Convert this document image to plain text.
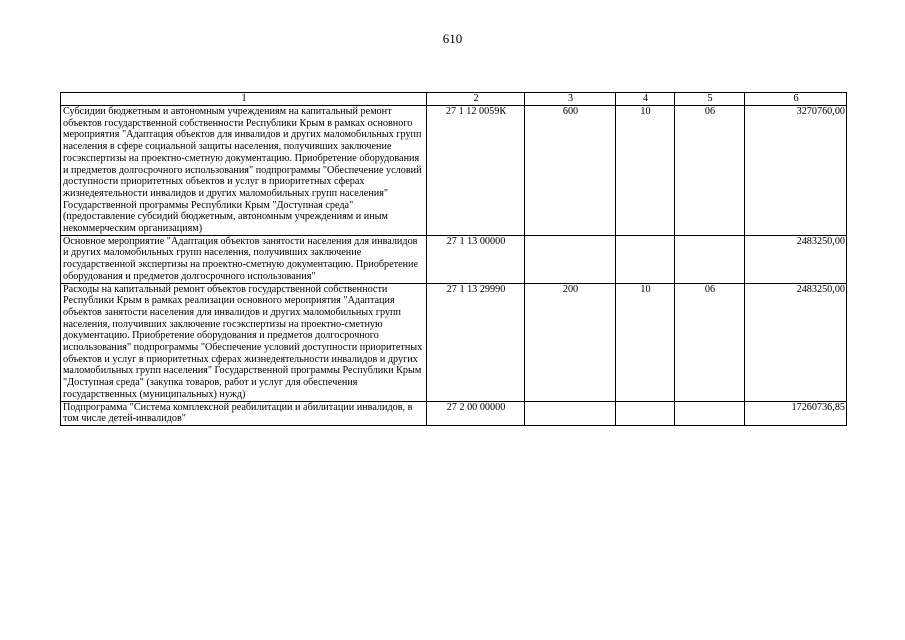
610
1	2	3	4	5	6
Субсидии бюджетным и автономным учреждениям на капитальный ремонт объектов государственной собственности Республики Крым в рамках основного мероприятия "Адаптация объектов для инвалидов и других маломобильных групп населения в сфере социальной защиты населения, получивших заключение госэкспертизы на проектно-сметную документацию. Приобретение оборудования и предметов долгосрочного использования" подпрограммы "Обеспечение условий доступности приоритетных объектов и услуг в приоритетных сферах жизнедеятельности инвалидов и других маломобильных групп населения" Государственной программы Республики Крым "Доступная среда" (предоставление субсидий бюджетным, автономным учреждениям и иным некоммерческим организациям)	27 1 12 0059К	600	10	06	3270760,00
Основное мероприятие "Адаптация объектов занятости населения для инвалидов и других маломобильных групп населения, получивших заключение государственной экспертизы на проектно-сметную документацию. Приобретение оборудования и предметов долгосрочного использования"	27 1 13 00000				2483250,00
Расходы на капитальный ремонт объектов государственной собственности Республики Крым в рамках реализации основного мероприятия "Адаптация объектов занятости населения для инвалидов и других маломобильных групп населения, получивших заключение госэкспертизы на проектно-сметную документацию. Приобретение оборудования и предметов долгосрочного использования" подпрограммы "Обеспечение условий доступности приоритетных объектов и услуг в приоритетных сферах жизнедеятельности инвалидов и других маломобильных групп населения" Государственной программы Республики Крым "Доступная среда" (закупка товаров, работ и услуг для обеспечения государственных (муниципальных) нужд)	27 1 13 29990	200	10	06	2483250,00
Подпрограмма "Система комплексной реабилитации и абилитации инвалидов, в том числе детей-инвалидов"	27 2 00 00000				17260736,85
